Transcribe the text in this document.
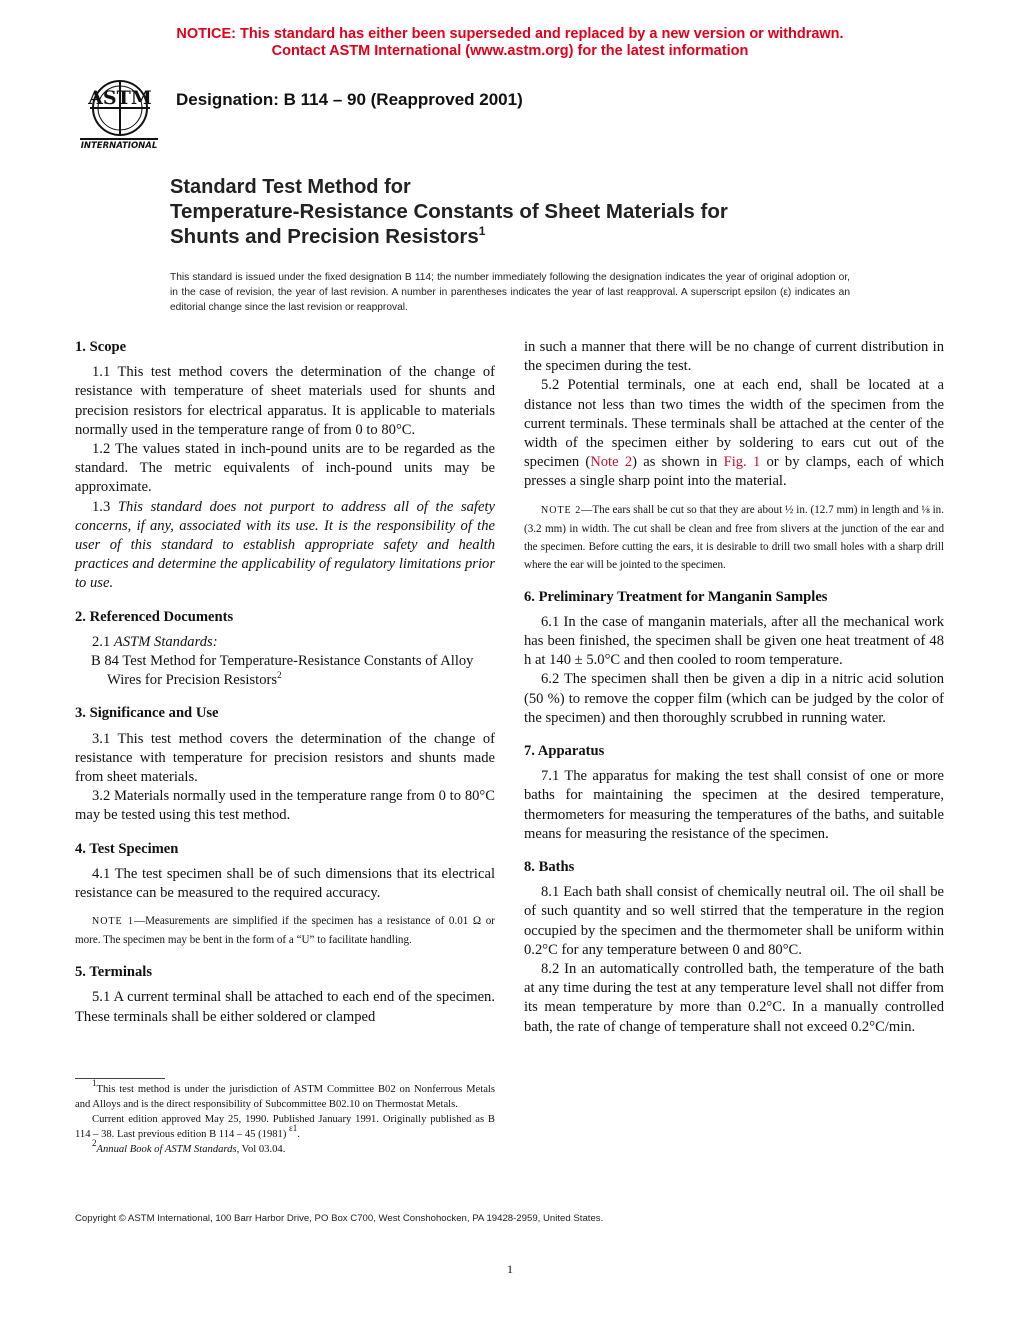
NOTICE: This standard has either been superseded and replaced by a new version or withdrawn.
Contact ASTM International (www.astm.org) for the latest information
ASTM
INTERNATIONAL
Designation: B 114 – 90 (Reapproved 2001)
Standard Test Method for
Temperature-Resistance Constants of Sheet Materials for
Shunts and Precision Resistors$^1$
This standard is issued under the fixed designation B 114; the number immediately following the designation indicates the year of original adoption or, in the case of revision, the year of last revision. A number in parentheses indicates the year of last reapproval. A superscript epsilon (ε) indicates an editorial change since the last revision or reapproval.
1. Scope

1.1 This test method covers the determination of the change of resistance with temperature of sheet materials used for shunts and precision resistors for electrical apparatus. It is applicable to materials normally used in the temperature range of from 0 to 80°C.

1.2 The values stated in inch-pound units are to be regarded as the standard. The metric equivalents of inch-pound units may be approximate.

1.3 This standard does not purport to address all of the safety concerns, if any, associated with its use. It is the responsibility of the user of this standard to establish appropriate safety and health practices and determine the applicability of regulatory limitations prior to use.

2. Referenced Documents

2.1 ASTM Standards:

B 84 Test Method for Temperature-Resistance Constants of Alloy Wires for Precision Resistors$^2$

3. Significance and Use

3.1 This test method covers the determination of the change of resistance with temperature for precision resistors and shunts made from sheet materials.

3.2 Materials normally used in the temperature range from 0 to 80°C may be tested using this test method.

4. Test Specimen

4.1 The test specimen shall be of such dimensions that its electrical resistance can be measured to the required accuracy.

NOTE 1—Measurements are simplified if the specimen has a resistance of 0.01 Ω or more. The specimen may be bent in the form of a “U” to facilitate handling.

5. Terminals

5.1 A current terminal shall be attached to each end of the specimen. These terminals shall be either soldered or clamped

in such a manner that there will be no change of current distribution in the specimen during the test.

5.2 Potential terminals, one at each end, shall be located at a distance not less than two times the width of the specimen from the current terminals. These terminals shall be attached at the center of the width of the specimen either by soldering to ears cut out of the specimen (Note 2) as shown in Fig. 1 or by clamps, each of which presses a single sharp point into the material.

NOTE 2—The ears shall be cut so that they are about ½ in. (12.7 mm) in length and ⅛ in. (3.2 mm) in width. The cut shall be clean and free from slivers at the junction of the ear and the specimen. Before cutting the ears, it is desirable to drill two small holes with a sharp drill where the ear will be jointed to the specimen.

6. Preliminary Treatment for Manganin Samples

6.1 In the case of manganin materials, after all the mechanical work has been finished, the specimen shall be given one heat treatment of 48 h at 140 ± 5.0°C and then cooled to room temperature.

6.2 The specimen shall then be given a dip in a nitric acid solution (50 %) to remove the copper film (which can be judged by the color of the specimen) and then thoroughly scrubbed in running water.

7. Apparatus

7.1 The apparatus for making the test shall consist of one or more baths for maintaining the specimen at the desired temperature, thermometers for measuring the temperatures of the baths, and suitable means for measuring the resistance of the specimen.

8. Baths

8.1 Each bath shall consist of chemically neutral oil. The oil shall be of such quantity and so well stirred that the temperature in the region occupied by the specimen and the thermometer shall be uniform within 0.2°C for any temperature between 0 and 80°C.

8.2 In an automatically controlled bath, the temperature of the bath at any time during the test at any temperature level shall not differ from its mean temperature by more than 0.2°C. In a manually controlled bath, the rate of change of temperature shall not exceed 0.2°C/min.

$^1$This test method is under the jurisdiction of ASTM Committee B02 on Nonferrous Metals and Alloys and is the direct responsibility of Subcommittee B02.10 on Thermostat Metals.

Current edition approved May 25, 1990. Published January 1991. Originally published as B 114 – 38. Last previous edition B 114 – 45 (1981) $^{\varepsilon 1}$.

$^2$Annual Book of ASTM Standards, Vol 03.04.

Copyright © ASTM International, 100 Barr Harbor Drive, PO Box C700, West Conshohocken, PA 19428-2959, United States.
1
